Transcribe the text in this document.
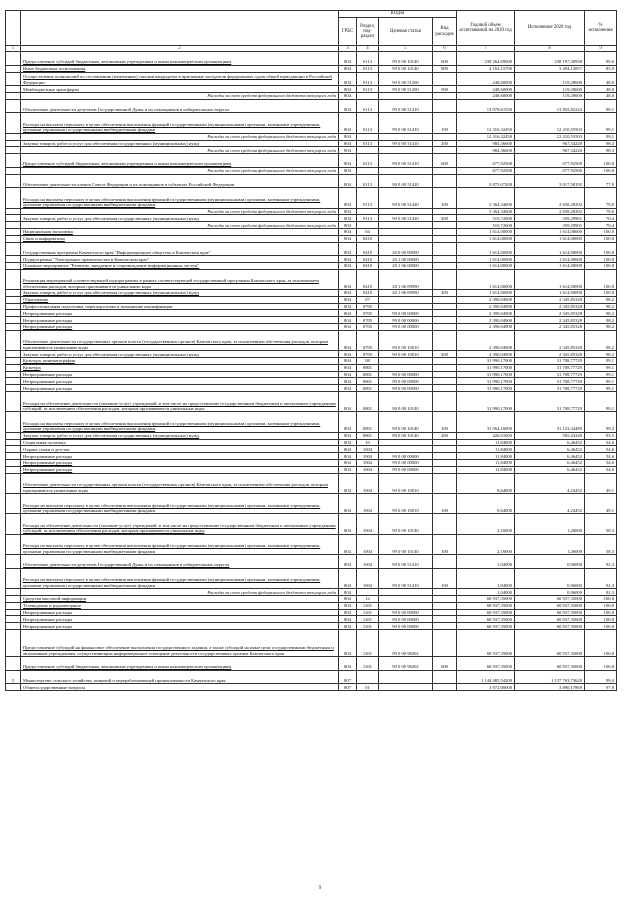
		КОДЫ				Годовой объем ассигнований на 2020 год	Исполнение 2020 год	% исполнения
		ГРБС	Раздел, под-раздел	Целевая статья	Вид расходов			
1	2	3	4	5	6	7	8	9
	Предоставление субсидий бюджетным, автономным учреждениям и иным некоммерческим организациям	804	0113	99 0 00 10140	600	239 264,69000	238 197,30958	99,6
	Иные бюджетные ассигнования	804	0113	99 0 00 10140	800	4 163,15700	3 494,12857	83,9
	Осуществление полномочий по составлению (изменению) списков кандидатов в присяжные заседатели федеральных судов общей юрисдикции в Российской Федерации	804	0113	99 0 00 51200		248,60000	119,28600	48,0
	Межбюджетные трансферты	804	0113	99 0 00 51200	500	248,60000	119,28600	48,0
	Расходы за счет средств федерального бюджета текущего года	804				248,60000	119,28600	48,0
	Обеспечение деятельности депутатов Государственной Думы и их помощников в избирательных округах	804	0113	99 0 00 51410		13 978,61550	13 855,82222	99,1
	Расходы на выплаты персоналу в целях обеспечения выполнения функций государственными (муниципальными) органами, казенными учреждениями, органами управления государственными внебюджетными фондами	804	0113	99 0 00 51410	100	12 316,32450	12 210,55503	99,1
	Расходы за счет средств федерального бюджета текущего года	804				12 316,32450	12 210,55503	99,1
	Закупка товаров, работ и услуг для обеспечения государственных (муниципальных) нужд	804	0113	99 0 00 51410	200	984,36600	967,34220	98,3
	Расходы за счет средств федерального бюджета текущего года	804				984,36600	967,34220	98,3
	Предоставление субсидий бюджетным, автономным учреждениям и иным некоммерческим организациям	804	0113	99 0 00 51410	600	677,92500	677,92500	100,0
	Расходы за счет средств федерального бюджета текущего года	804				677,92500	677,92500	100,0
	Обеспечение деятельности членов Совета Федерации и их помощников в субъектах Российской Федерации	804	0113	99 0 00 51420		3 875,07200	3 017,58195	77,9
	Расходы на выплаты персоналу в целях обеспечения выполнения функций государственными (муниципальными) органами, казенными учреждениями, органами управления государственными внебюджетными фондами	804	0113	99 0 00 51420	100	3 364,34600	2 658,28292	79,0
	Расходы за счет средств федерального бюджета текущего года	804				3 364,34600	2 658,28292	79,0
	Закупка товаров, работ и услуг для обеспечения государственных (муниципальных) нужд	804	0113	99 0 00 51420	200	510,72600	359,29901	70,4
	Расходы за счет средств федерального бюджета текущего года	804				510,72600	359,29901	70,4
	Национальная экономика	804	04			1 614,00000	1 614,00000	100,0
	Связь и информатика	804	0410			1 614,00000	1 614,00000	100,0
	Государственная программа Камчатского края "Информационное общество в Камчатском крае"	804	0410	20 0 00 00000		1 614,00000	1 614,00000	100,0
	Подпрограмма "Электронное правительство в Камчатском крае"	804	0410	20 1 00 00000		1 614,00000	1 614,00000	100,0
	Основное мероприятие "Развитие, внедрение и сопровождение информационных систем"	804	0410	20 1 06 00000		1 614,00000	1 614,00000	100,0
	Реализация мероприятий соответствующей подпрограммы в рамках соответствующей государственной программы Камчатского края, за исключением обеспечения расходов, которым присваиваются уникальные коды	804	0410	20 1 06 09990		1 614,00000	1 614,00000	100,0
	Закупка товаров, работ и услуг для обеспечения государственных (муниципальных) нужд	804	0410	20 1 06 09990	200	1 614,00000	1 614,00000	100,0
	Образование	804	07			2 390,04900	2 345,85328	98,2
	Профессиональная подготовка, переподготовка и повышение квалификации	804	0705			2 390,04900	2 345,85328	98,2
	Непрограммные расходы	804	0705	99 0 00 00000		2 390,04900	2 345,85328	98,2
	Непрограммные расходы	804	0705	99 0 00 00000		2 390,04900	2 345,85328	98,2
	Непрограммные расходы	804	0705	99 0 00 00000		2 390,04900	2 345,85328	98,2
	Обеспечение деятельности государственных органов власти (государственных органов) Камчатского края, за исключением обеспечения расходов, которым присваиваются уникальные коды	804	0705	99 0 00 10010		2 390,04900	2 345,85328	98,2
	Закупка товаров, работ и услуг для обеспечения государственных (муниципальных) нужд	804	0705	99 0 00 10010	200	2 390,04900	2 345,85328	98,2
	Культура, кинематография	804	08			31 990,17000	31 708,77729	99,1
	Культура	804	0801			31 990,17000	31 708,77729	99,1
	Непрограммные расходы	804	0801	99 0 00 00000		31 990,17000	31 708,77729	99,1
	Непрограммные расходы	804	0801	99 0 00 00000		31 990,17000	31 708,77729	99,1
	Непрограммные расходы	804	0801	99 0 00 00000		31 990,17000	31 708,77729	99,1
	Расходы на обеспечение деятельности (оказание услуг) учреждений, в том числе на предоставление государственным бюджетным и автономным учреждениям субсидий, за исключением обеспечения расходов, которым присваиваются уникальные коды	804	0801	99 0 00 10140		31 990,17000	31 708,77729	99,1
	Расходы на выплаты персоналу в целях обеспечения выполнения функций государственными (муниципальными) органами, казенными учреждениями, органами управления государственными внебюджетными фондами	804	0801	99 0 00 10140	100	31 564,16000	31 123,34489	99,3
	Закупка товаров, работ и услуг для обеспечения государственных (муниципальных) нужд	804	0801	99 0 00 10140	200	426,01000	585,43240	93,5
	Социальная политика	804	10			11,84000	6,46452	54,6
	Охрана семьи и детства	804	1004			11,84000	6,46452	54,6
	Непрограммные расходы	804	1004	99 0 00 00000		11,84000	6,46452	54,6
	Непрограммные расходы	804	1004	99 0 00 00000		11,84000	6,46452	54,6
	Непрограммные расходы	804	1004	99 0 00 00000		11,84000	6,46452	54,6
	Обеспечение деятельности государственных органов власти (государственных органов) Камчатского края, за исключением обеспечения расходов, которым присваиваются уникальные коды	804	1004	99 0 00 10010		8,64000	4,24452	49,1
	Расходы на выплаты персоналу в целях обеспечения выполнения функций государственными (муниципальными) органами, казенными учреждениями, органами управления государственными внебюджетными фондами	804	1004	99 0 00 10010	100	8,64000	4,24452	49,1
	Расходы на обеспечение деятельности (оказание услуг) учреждений, в том числе на предоставление государственным бюджетным и автономным учреждениям субсидий, за исключением обеспечения расходов, которым присваиваются уникальные коды	804	1004	99 0 00 10140		2,16000	1,26000	58,3
	Расходы на выплаты персоналу в целях обеспечения выполнения функций государственными (муниципальными) органами, казенными учреждениями, органами управления государственными внебюджетными фондами	804	1004	99 0 00 10140	100	2,16000	1,26000	58,3
	Обеспечение деятельности депутатов Государственной Думы и их помощников в избирательных округах	804	1004	99 0 00 51410		1,04000	0,96000	92,3
	Расходы на выплаты персоналу в целях обеспечения выполнения функций государственными (муниципальными) органами, казенными учреждениями, органами управления государственными внебюджетными фондами	804	1004	99 0 00 51410	100	1,04000	0,96000	92,3
	Расходы за счет средств федерального бюджета текущего года	804				1,04000	0,96000	92,3
	Средства массовой информации	804	12			60 937,35000	60 937,35000	100,0
	Телевидение и радиовещание	804	1201			60 937,35000	60 937,35000	100,0
	Непрограммные расходы	804	1201	99 0 00 00000		60 937,35000	60 937,35000	100,0
	Непрограммные расходы	804	1201	99 0 00 00000		60 937,35000	60 937,35000	100,0
	Непрограммные расходы	804	1201	99 0 00 00000		60 937,35000	60 937,35000	100,0
	Предоставление субсидий на финансовое обеспечение выполнения государственного задания, а также субсидий на иные цели государственным бюджетным и автономным учреждениям, осуществляющим информационное освещение деятельности государственных органов Камчатского края	804	1201	99 0 00 98202		60 937,35000	60 937,35000	100,0
	Предоставление субсидий бюджетным, автономным учреждениям и иным некоммерческим организациям	804	1201	99 0 00 98202	600	60 937,35000	60 937,35000	100,0
5	Министерство сельского хозяйства, пищевой и перерабатывающей промышленности Камчатского края	807				1 144 485,54200	1 137 763,73620	99,4
	Общегосударственные вопросы	807	01			3 972,00000	3 890,17869	97,9
9
